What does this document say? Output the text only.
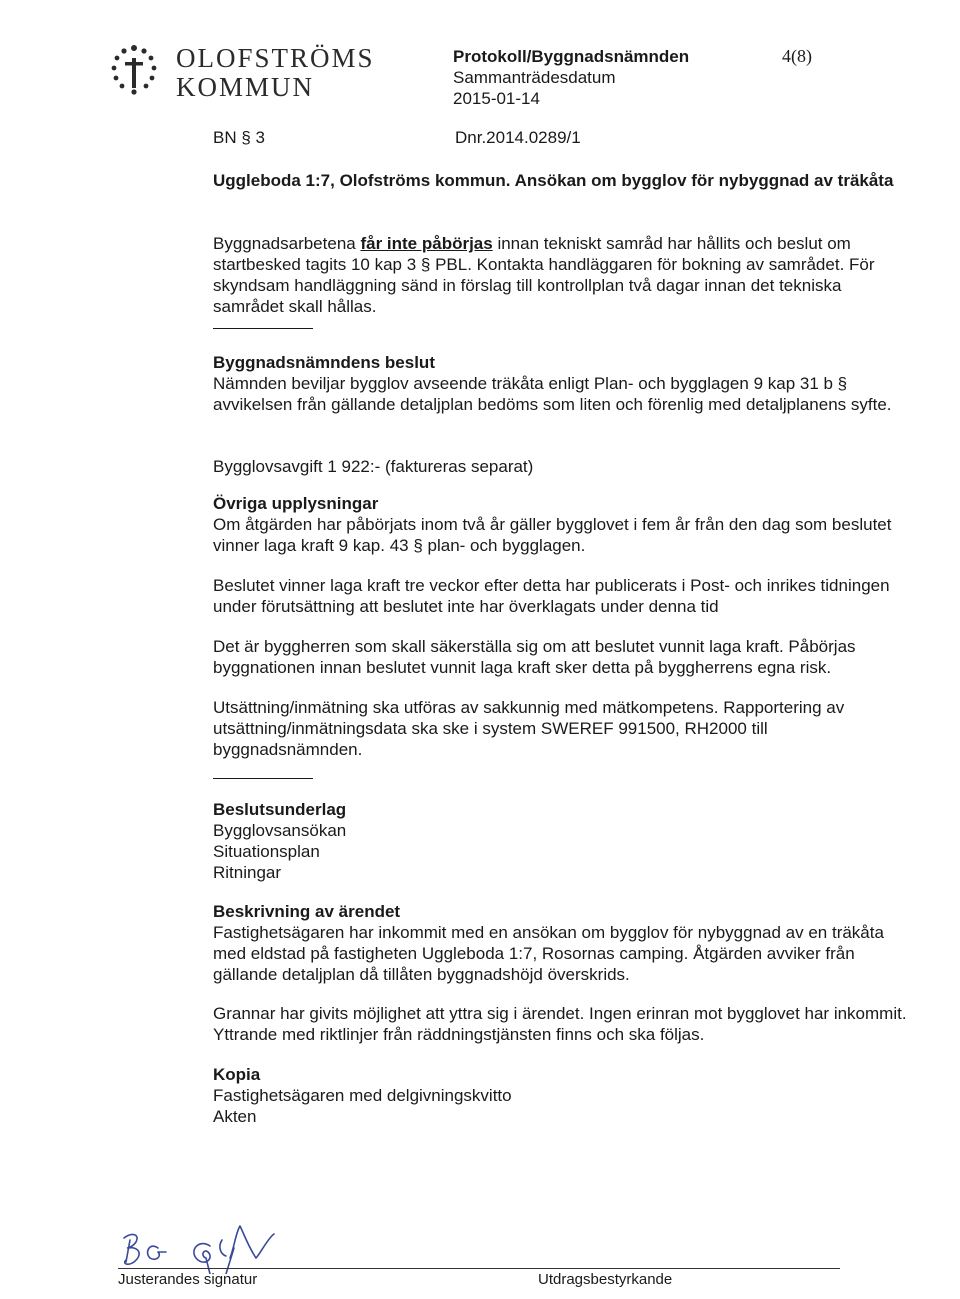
OLOFSTRÖMS
KOMMUN
Protokoll/Byggnadsnämnden
Sammanträdesdatum
2015-01-14
4(8)
BN § 3	Dnr.2014.0289/1
Uggleboda 1:7, Olofströms kommun. Ansökan om bygglov för nybyggnad av träkåta

Byggnadsarbetena får inte påbörjas innan tekniskt samråd har hållits och beslut om startbesked tagits 10 kap 3 § PBL. Kontakta handläggaren för bokning av samrådet. För skyndsam handläggning sänd in förslag till kontrollplan två dagar innan det tekniska samrådet skall hållas.

Byggnadsnämndens beslut

Nämnden beviljar bygglov avseende träkåta enligt Plan- och bygglagen 9 kap 31 b § avvikelsen från gällande detaljplan bedöms som liten och förenlig med detaljplanens syfte.

Bygglovsavgift 1 922:- (faktureras separat)

Övriga upplysningar

Om åtgärden har påbörjats inom två år gäller bygglovet i fem år från den dag som beslutet vinner laga kraft 9 kap. 43 § plan- och bygglagen.

Beslutet vinner laga kraft tre veckor efter detta har publicerats i Post- och inrikes tidningen under förutsättning att beslutet inte har överklagats under denna tid
Det är byggherren som skall säkerställa sig om att beslutet vunnit laga kraft. Påbörjas byggnationen innan beslutet vunnit laga kraft sker detta på byggherrens egna risk.
Utsättning/inmätning ska utföras av sakkunnig med mätkompetens. Rapportering av utsättning/inmätningsdata ska ske i system SWEREF 991500, RH2000 till byggnadsnämnden.

Beslutsunderlag

Bygglovsansökan

Situationsplan

Ritningar

Beskrivning av ärendet

Fastighetsägaren har inkommit med en ansökan om bygglov för nybyggnad av en träkåta med eldstad på fastigheten Uggleboda 1:7, Rosornas camping. Åtgärden avviker från gällande detaljplan då tillåten byggnadshöjd överskrids.

Grannar har givits möjlighet att yttra sig i ärendet. Ingen erinran mot bygglovet har inkommit. Yttrande med riktlinjer från räddningstjänsten finns och ska följas.

Kopia

Fastighetsägaren med delgivningskvitto

Akten

Justerandes signatur	Utdragsbestyrkande
